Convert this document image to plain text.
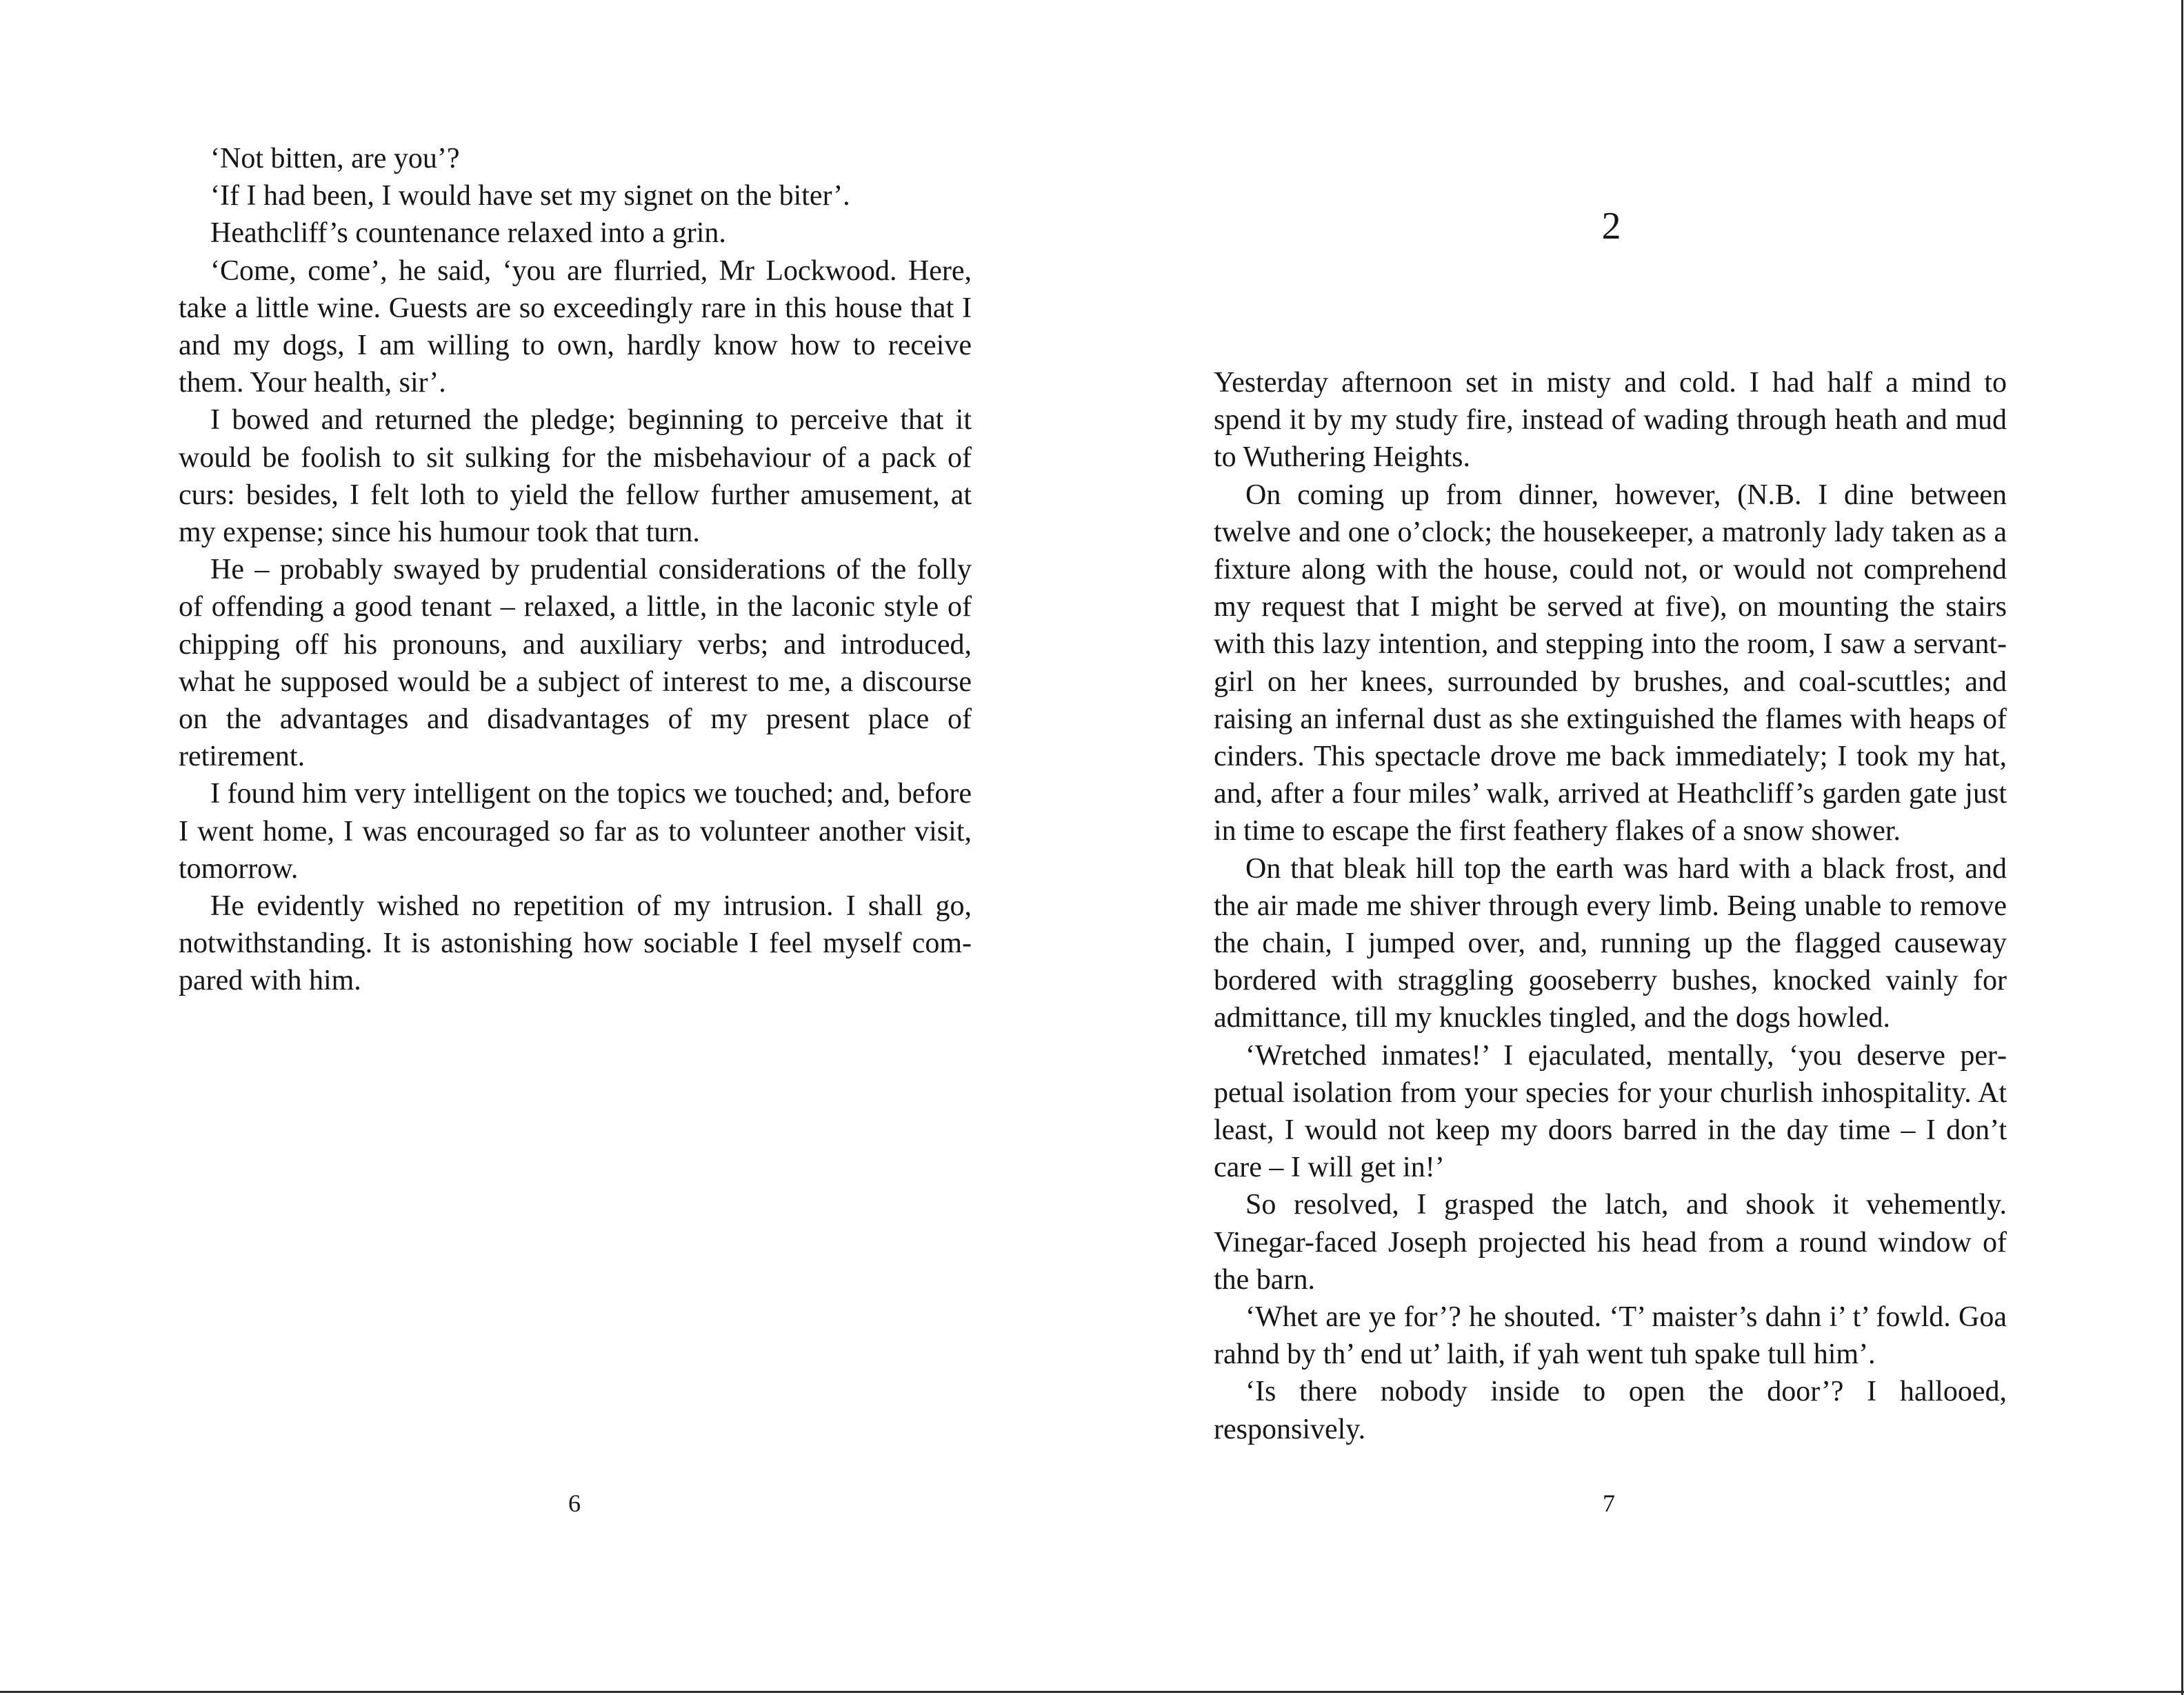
‘Not bitten, are you’?

‘If I had been, I would have set my signet on the biter’.

Heathcliff’s countenance relaxed into a grin.

‘Come, come’, he said, ‘you are flurried, Mr Lockwood. Here, take a little wine. Guests are so exceedingly rare in this house that I and my dogs, I am willing to own, hardly know how to receive them. Your health, sir’.

I bowed and returned the pledge; beginning to perceive that it would be foolish to sit sulking for the misbehaviour of a pack of curs: besides, I felt loth to yield the fellow further amusement, at my expense; since his humour took that turn.

He – probably swayed by prudential considerations of the folly of offending a good tenant – relaxed, a little, in the laconic style of chipping off his pronouns, and auxiliary verbs; and introduced, what he supposed would be a subject of interest to me, a discourse on the advantages and disadvantages of my present place of retirement.

I found him very intelligent on the topics we touched; and, before I went home, I was encouraged so far as to volunteer another visit, tomorrow.

He evidently wished no repetition of my intrusion. I shall go, notwithstanding. It is astonishing how sociable I feel myself compared with him.

6
2

Yesterday afternoon set in misty and cold. I had half a mind to spend it by my study fire, instead of wading through heath and mud to Wuthering Heights.

On coming up from dinner, however, (N.B. I dine between twelve and one o’clock; the housekeeper, a matronly lady taken as a fixture along with the house, could not, or would not comprehend my request that I might be served at five), on mounting the stairs with this lazy intention, and stepping into the room, I saw a servant-girl on her knees, surrounded by brushes, and coal-scuttles; and raising an infernal dust as she extinguished the flames with heaps of cinders. This spectacle drove me back immediately; I took my hat, and, after a four miles’ walk, arrived at Heathcliff’s garden gate just in time to escape the first feathery flakes of a snow shower.

On that bleak hill top the earth was hard with a black frost, and the air made me shiver through every limb. Being unable to remove the chain, I jumped over, and, running up the flagged causeway bordered with straggling gooseberry bushes, knocked vainly for admittance, till my knuckles tingled, and the dogs howled.

‘Wretched inmates!’ I ejaculated, mentally, ‘you deserve perpetual isolation from your species for your churlish inhospitality. At least, I would not keep my doors barred in the day time – I don’t care – I will get in!’

So resolved, I grasped the latch, and shook it vehemently. Vinegar-faced Joseph projected his head from a round window of the barn.

‘Whet are ye for’? he shouted. ‘T’ maister’s dahn i’ t’ fowld. Goa rahnd by th’ end ut’ laith, if yah went tuh spake tull him’.

‘Is there nobody inside to open the door’? I hallooed, responsively.

7
